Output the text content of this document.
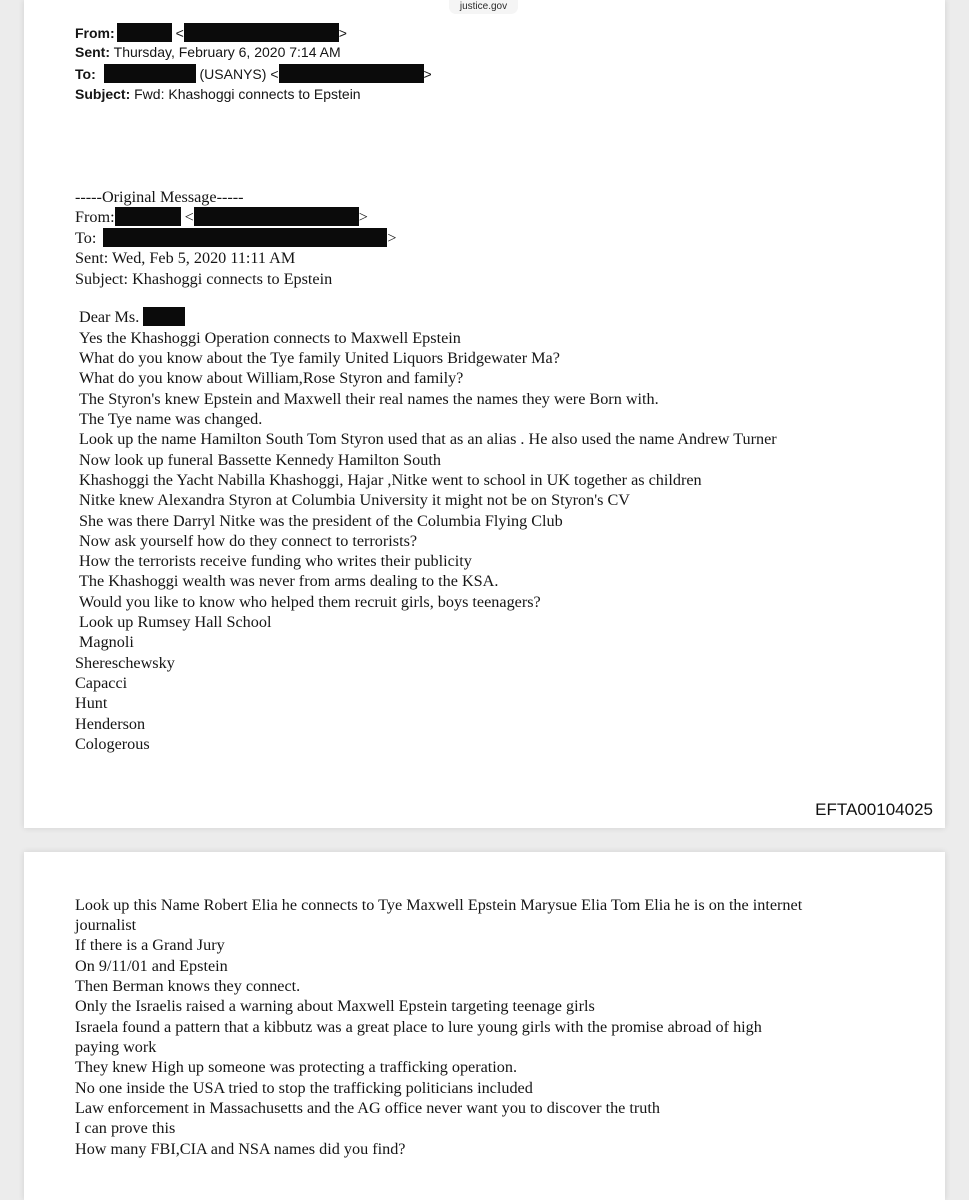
From:	<	>
Sent: Thursday, February 6, 2020 7:14 AM
To:	(USANYS) <	>
Subject: Fwd: Khashoggi connects to Epstein
-----Original Message-----
From:	<	>
To:	>
Sent: Wed, Feb 5, 2020 11:11 AM
Subject: Khashoggi connects to Epstein
Dear Ms.
Yes the Khashoggi Operation connects to Maxwell Epstein
What do you know about the Tye family United Liquors Bridgewater Ma?
What do you know about William,Rose Styron and family?
The Styron's knew Epstein and Maxwell their real names the names they were Born with.
The Tye name was changed.
Look up the name Hamilton South Tom Styron used that as an alias . He also used the name Andrew Turner
Now look up funeral Bassette Kennedy Hamilton South
Khashoggi the Yacht Nabilla Khashoggi, Hajar ,Nitke went to school in UK together as children
Nitke knew Alexandra Styron at Columbia University it might not be on Styron's CV
She was there Darryl Nitke was the president of the Columbia Flying Club
Now ask yourself how do they connect to terrorists?
How the terrorists receive funding who writes their publicity
The Khashoggi wealth was never from arms dealing to the KSA.
Would you like to know who helped them recruit girls, boys teenagers?
Look up Rumsey Hall School
Magnoli
Shereschewsky
Capacci
Hunt
Henderson
Cologerous
EFTA00104025
justice.gov
Look up this Name Robert Elia he connects to Tye Maxwell Epstein Marysue Elia Tom Elia he is on the internet
journalist
If there is a Grand Jury
On 9/11/01 and Epstein
Then Berman knows they connect.
Only the Israelis raised a warning about Maxwell Epstein targeting teenage girls
Israela found a pattern that a kibbutz was a great place to lure young girls with the promise abroad of high
paying work
They knew High up someone was protecting a trafficking operation.
No one inside the USA tried to stop the trafficking politicians included
Law enforcement in Massachusetts and the AG office never want you to discover the truth
I can prove this
How many FBI,CIA and NSA names did you find?
